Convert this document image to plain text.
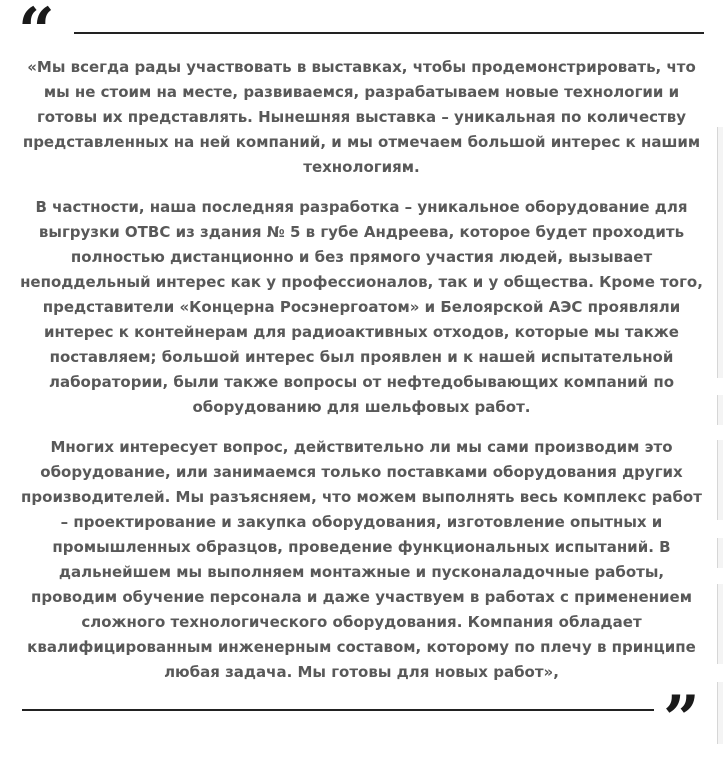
“

«Мы всегда рады участвовать в выставках, чтобы продемонстрировать, что мы не стоим на месте, развиваемся, разрабатываем новые технологии и готовы их представлять. Нынешняя выставка – уникальная по количеству представленных на ней компаний, и мы отмечаем большой интерес к нашим технологиям.

В частности, наша последняя разработка – уникальное оборудование для выгрузки ОТВС из здания № 5 в губе Андреева, которое будет проходить полностью дистанционно и без прямого участия людей, вызывает неподдельный интерес как у профессионалов, так и у общества. Кроме того, представители «Концерна Росэнергоатом» и Белоярской АЭС проявляли интерес к контейнерам для радиоактивных отходов, которые мы также поставляем; большой интерес был проявлен и к нашей испытательной лаборатории, были также вопросы от нефтедобывающих компаний по оборудованию для шельфовых работ.

Многих интересует вопрос, действительно ли мы сами производим это оборудование, или занимаемся только поставками оборудования других производителей. Мы разъясняем, что можем выполнять весь комплекс работ – проектирование и закупка оборудования, изготовление опытных и промышленных образцов, проведение функциональных испытаний. В дальнейшем мы выполняем монтажные и пусконаладочные работы, проводим обучение персонала и даже участвуем в работах с применением сложного технологического оборудования. Компания обладает квалифицированным инженерным составом, которому по плечу в принципе любая задача. Мы готовы для новых работ»,

”
